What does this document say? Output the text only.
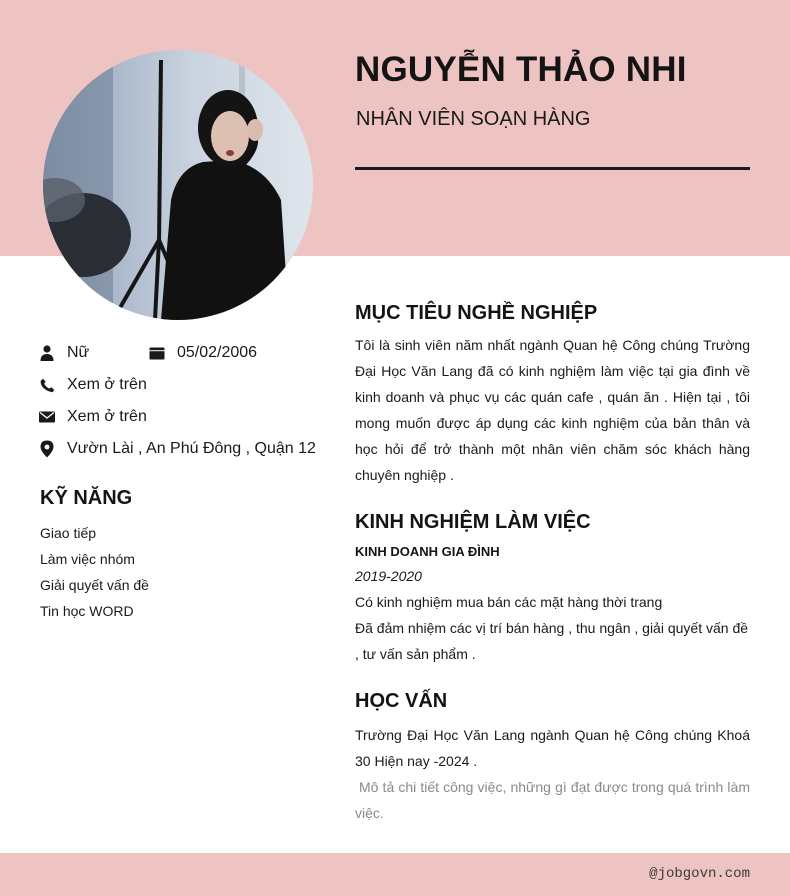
NGUYỄN THẢO NHI
NHÂN VIÊN SOẠN HÀNG
Nữ	05/02/2006
Xem ở trên
Xem ở trên
Vườn Lài , An Phú Đông , Quận 12
KỸ NĂNG
Giao tiếp
Làm việc nhóm
Giải quyết vấn đề
Tin học WORD
MỤC TIÊU NGHỀ NGHIỆP
Tôi là sinh viên năm nhất ngành Quan hệ Công chúng Trường Đại Học Văn Lang đã có kinh nghiệm làm việc tại gia đình về kinh doanh và phục vụ các quán cafe , quán ăn . Hiện tại , tôi mong muốn được áp dụng các kinh nghiệm của bản thân và học hỏi để trở thành một nhân viên chăm sóc khách hàng chuyên nghiệp .
KINH NGHIỆM LÀM VIỆC
KINH DOANH GIA ĐÌNH
2019-2020
Có kinh nghiệm mua bán các mặt hàng thời trang
Đã đảm nhiệm các vị trí bán hàng , thu ngân , giải quyết vấn đề , tư vấn sản phẩm .
HỌC VẤN
Trường Đại Học Văn Lang ngành Quan hệ Công chúng Khoá 30 Hiện nay -2024 .
Mô tả chi tiết công việc, những gì đạt được trong quá trình làm việc.
@jobgovn.com
